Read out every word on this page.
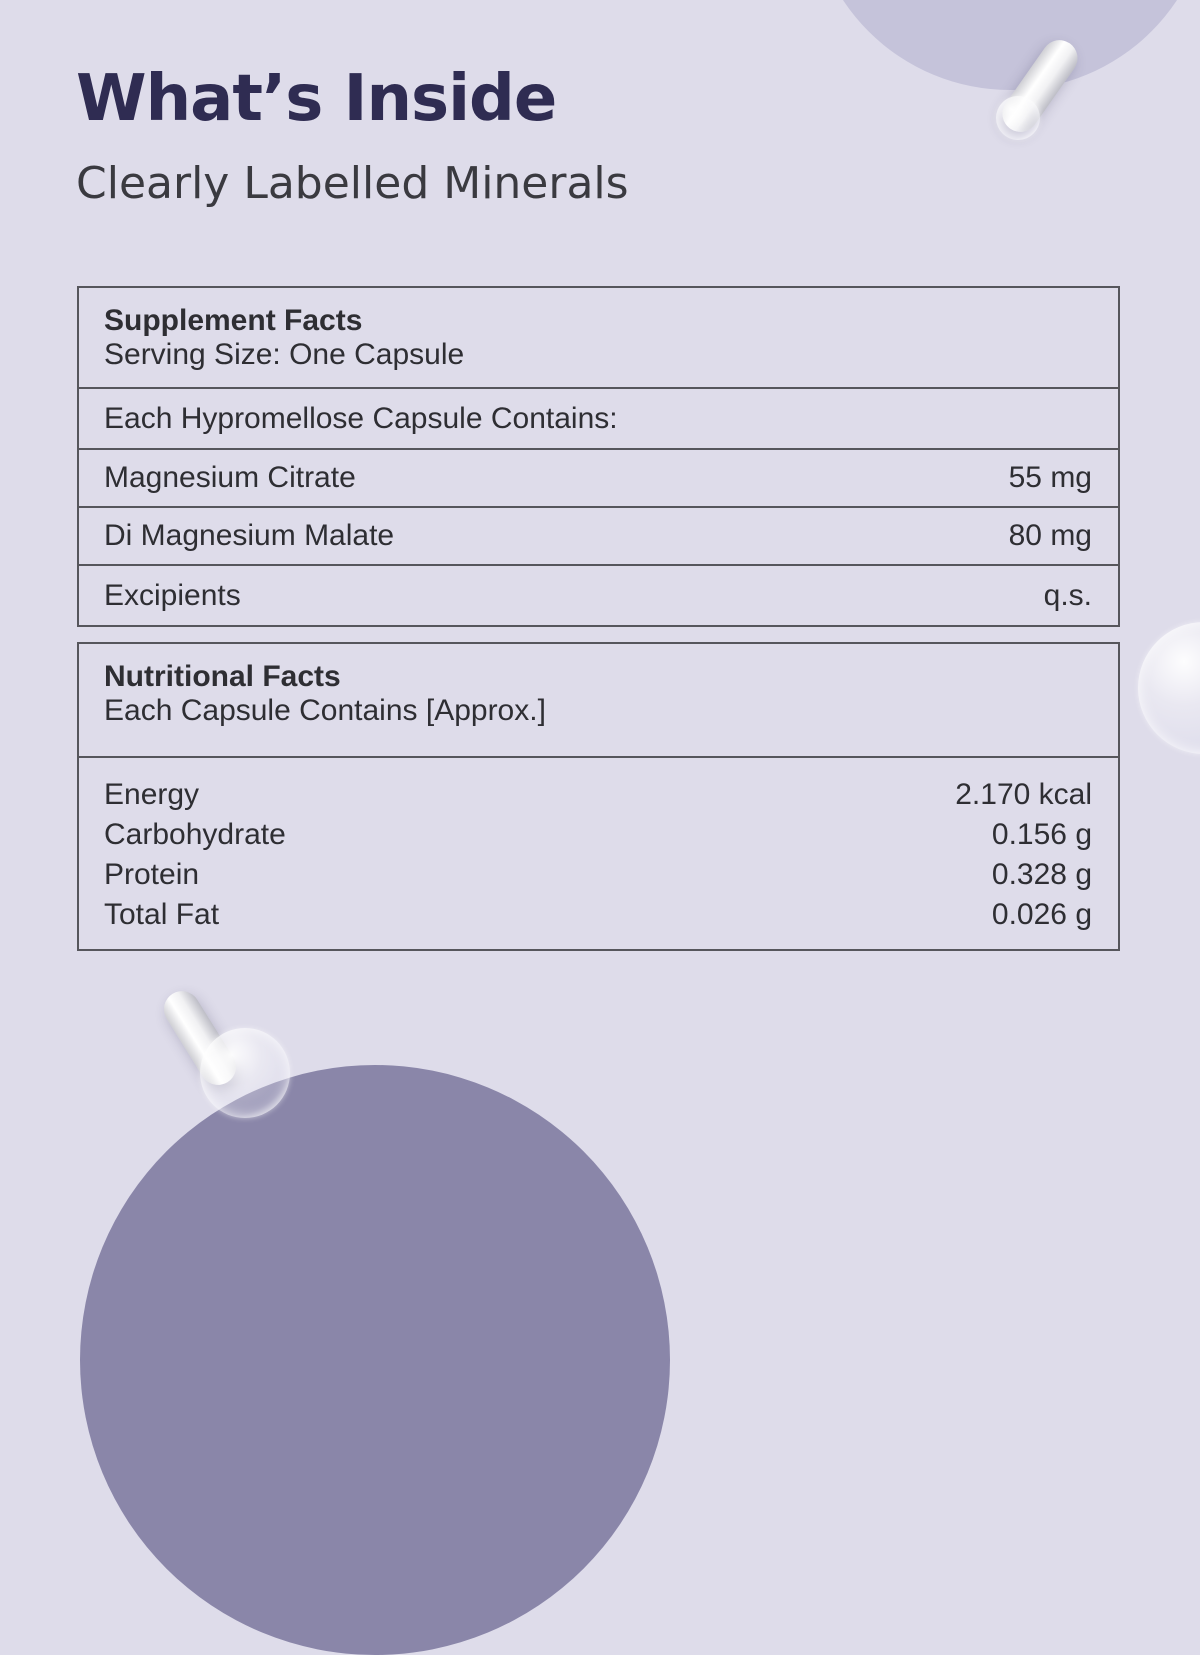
What’s Inside
Clearly Labelled Minerals
Supplement Facts
Serving Size: One Capsule
Each Hypromellose Capsule Contains:
Magnesium Citrate	55 mg
Di Magnesium Malate	80 mg
Excipients	q.s.
Nutritional Facts
Each Capsule Contains [Approx.]
Energy	2.170 kcal
Carbohydrate	0.156 g
Protein	0.328 g
Total Fat	0.026 g
